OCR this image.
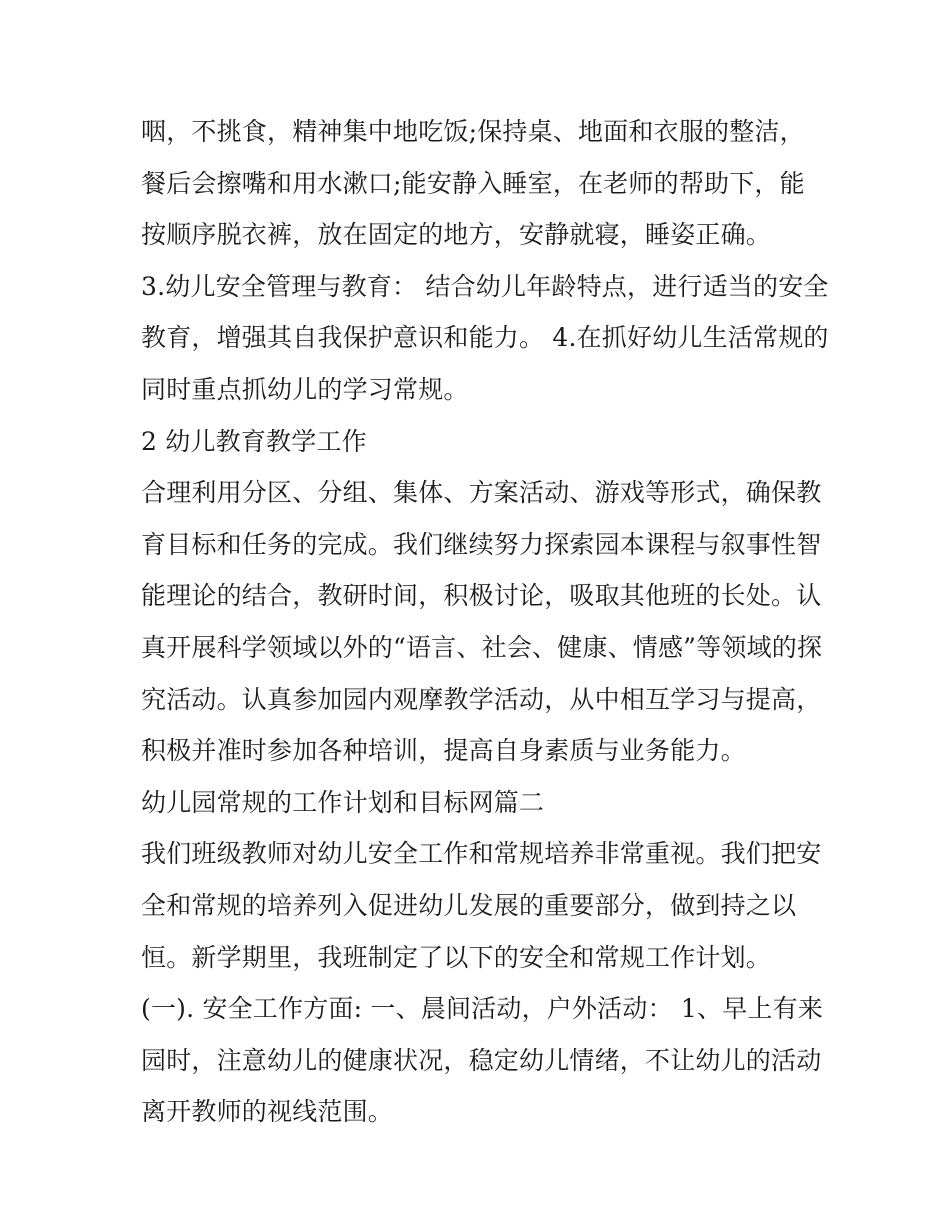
咽，不挑食，精神集中地吃饭;保持桌、地面和衣服的整洁，
餐后会擦嘴和用水漱口;能安静入睡室，在老师的帮助下，能
按顺序脱衣裤，放在固定的地方，安静就寝，睡姿正确。
3.幼儿安全管理与教育： 结合幼儿年龄特点，进行适当的安全
教育，增强其自我保护意识和能力。 4.在抓好幼儿生活常规的
同时重点抓幼儿的学习常规。
2 幼儿教育教学工作
合理利用分区、分组、集体、方案活动、游戏等形式，确保教
育目标和任务的完成。我们继续努力探索园本课程与叙事性智
能理论的结合，教研时间，积极讨论，吸取其他班的长处。认
真开展科学领域以外的“语言、社会、健康、情感”等领域的探
究活动。认真参加园内观摩教学活动，从中相互学习与提高，
积极并准时参加各种培训，提高自身素质与业务能力。
幼儿园常规的工作计划和目标网篇二
我们班级教师对幼儿安全工作和常规培养非常重视。我们把安
全和常规的培养列入促进幼儿发展的重要部分，做到持之以
恒。新学期里，我班制定了以下的安全和常规工作计划。
(一). 安全工作方面: 一、晨间活动，户外活动： 1、早上有来
园时，注意幼儿的健康状况，稳定幼儿情绪，不让幼儿的活动
离开教师的视线范围。
